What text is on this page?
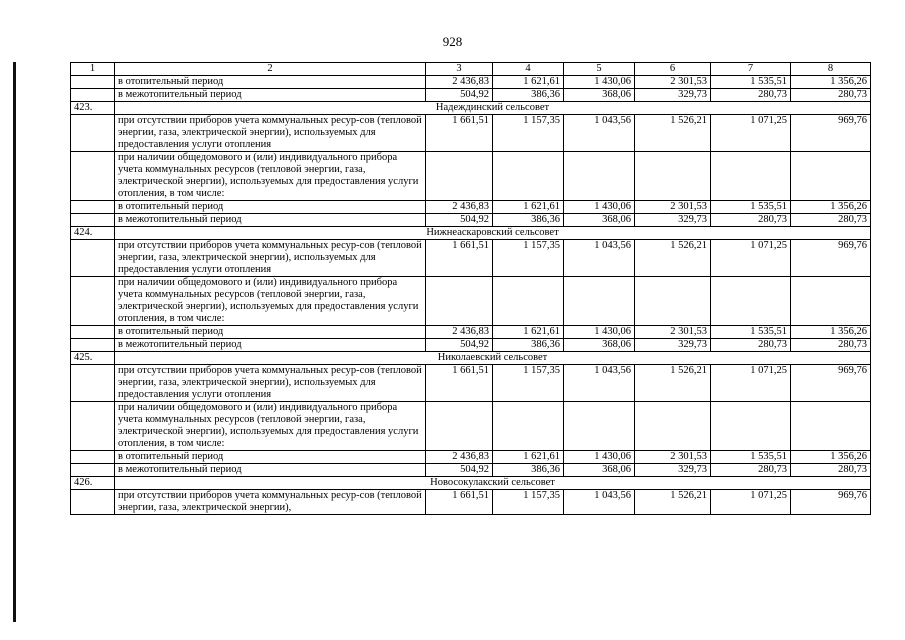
928
1	2	3	4	5	6	7	8
	в отопительный период	2 436,83	1 621,61	1 430,06	2 301,53	1 535,51	1 356,26
	в межотопительный период	504,92	386,36	368,06	329,73	280,73	280,73
423.	Надеждинский сельсовет						
	при отсутствии приборов учета коммунальных ресур-сов (тепловой энергии, газа, электрической энергии), используемых для предоставления услуги отопления	1 661,51	1 157,35	1 043,56	1 526,21	1 071,25	969,76
	при наличии общедомового и (или) индивидуального прибора учета коммунальных ресурсов (тепловой энергии, газа, электрической энергии), используемых для предоставления услуги отопления, в том числе:						
	в отопительный период	2 436,83	1 621,61	1 430,06	2 301,53	1 535,51	1 356,26
	в межотопительный период	504,92	386,36	368,06	329,73	280,73	280,73
424.	Нижнеаскаровский сельсовет						
	при отсутствии приборов учета коммунальных ресур-сов (тепловой энергии, газа, электрической энергии), используемых для предоставления услуги отопления	1 661,51	1 157,35	1 043,56	1 526,21	1 071,25	969,76
	при наличии общедомового и (или) индивидуального прибора учета коммунальных ресурсов (тепловой энергии, газа, электрической энергии), используемых для предоставления услуги отопления, в том числе:						
	в отопительный период	2 436,83	1 621,61	1 430,06	2 301,53	1 535,51	1 356,26
	в межотопительный период	504,92	386,36	368,06	329,73	280,73	280,73
425.	Николаевский сельсовет						
	при отсутствии приборов учета коммунальных ресур-сов (тепловой энергии, газа, электрической энергии), используемых для предоставления услуги отопления	1 661,51	1 157,35	1 043,56	1 526,21	1 071,25	969,76
	при наличии общедомового и (или) индивидуального прибора учета коммунальных ресурсов (тепловой энергии, газа, электрической энергии), используемых для предоставления услуги отопления, в том числе:						
	в отопительный период	2 436,83	1 621,61	1 430,06	2 301,53	1 535,51	1 356,26
	в межотопительный период	504,92	386,36	368,06	329,73	280,73	280,73
426.	Новосокулакский сельсовет						
	при отсутствии приборов учета коммунальных ресур-сов (тепловой энергии, газа, электрической энергии),	1 661,51	1 157,35	1 043,56	1 526,21	1 071,25	969,76
